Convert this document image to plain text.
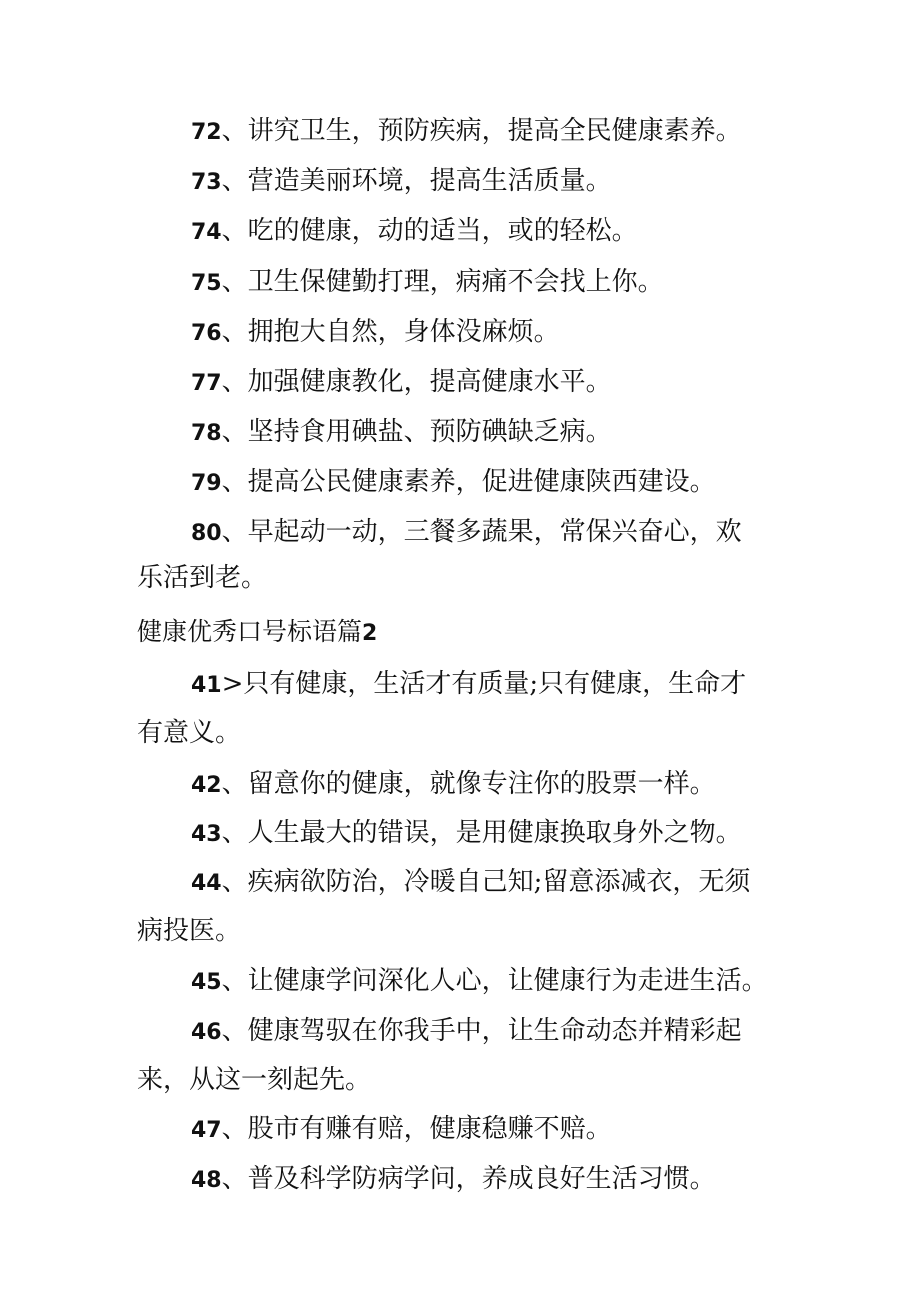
72、讲究卫生，预防疾病，提高全民健康素养。
73、营造美丽环境，提高生活质量。
74、吃的健康，动的适当，或的轻松。
75、卫生保健勤打理，病痛不会找上你。
76、拥抱大自然，身体没麻烦。
77、加强健康教化，提高健康水平。
78、坚持食用碘盐、预防碘缺乏病。
79、提高公民健康素养，促进健康陕西建设。
80、早起动一动，三餐多蔬果，常保兴奋心，欢
乐活到老。
健康优秀口号标语篇2
41>只有健康，生活才有质量;只有健康，生命才
有意义。
42、留意你的健康，就像专注你的股票一样。
43、人生最大的错误，是用健康换取身外之物。
44、疾病欲防治，冷暖自己知;留意添减衣，无须
病投医。
45、让健康学问深化人心，让健康行为走进生活。
46、健康驾驭在你我手中，让生命动态并精彩起
来，从这一刻起先。
47、股市有赚有赔，健康稳赚不赔。
48、普及科学防病学问，养成良好生活习惯。
